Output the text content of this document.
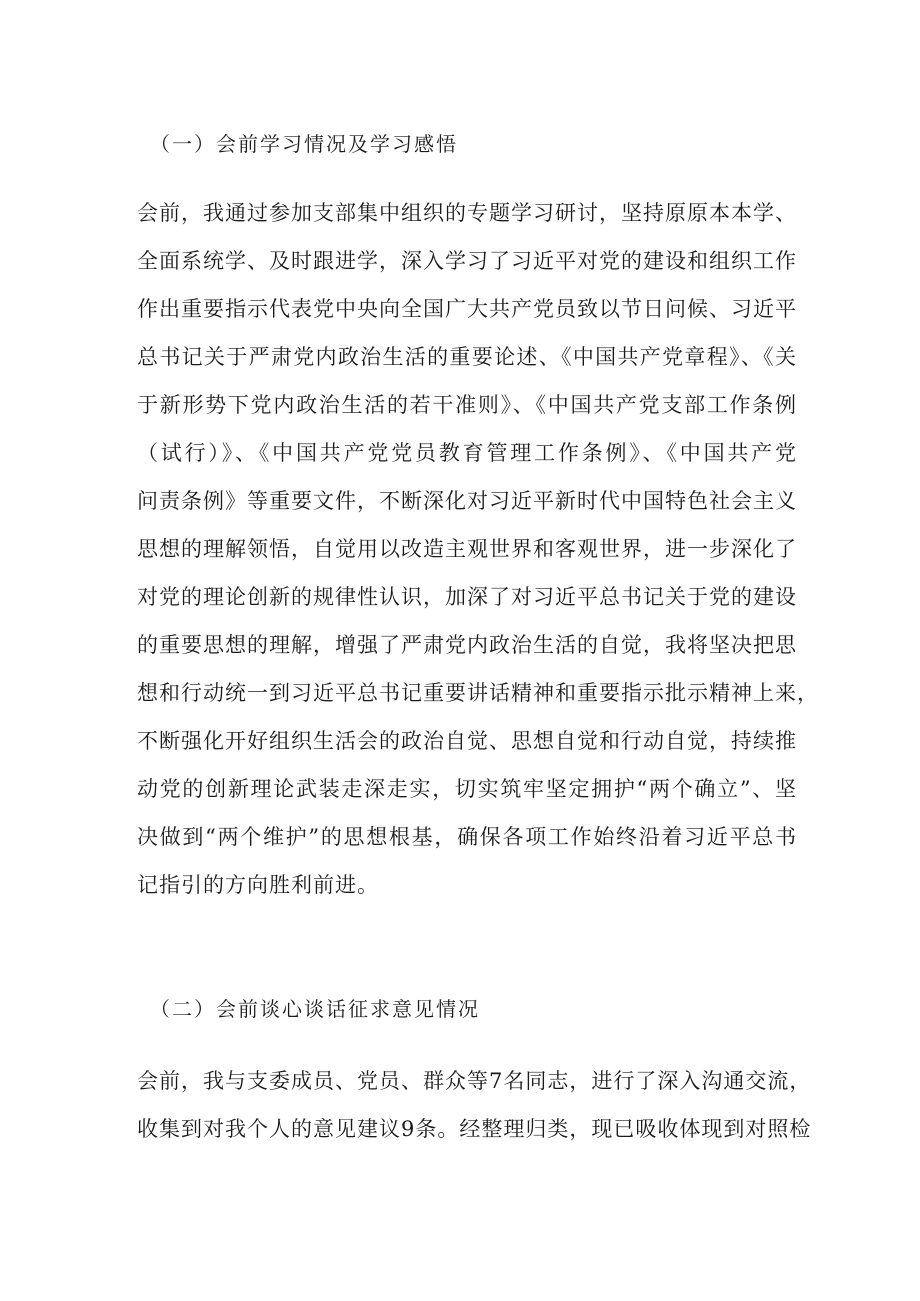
（一）会前学习情况及学习感悟
会前，我通过参加支部集中组织的专题学习研讨，坚持原原本本学、
全面系统学、及时跟进学，深入学习了习近平对党的建设和组织工作
作出重要指示代表党中央向全国广大共产党员致以节日问候、习近平
总书记关于严肃党内政治生活的重要论述、《中国共产党章程》、《关
于新形势下党内政治生活的若干准则》、《中国共产党支部工作条例
（试行）》、《中国共产党党员教育管理工作条例》、《中国共产党
问责条例》等重要文件，不断深化对习近平新时代中国特色社会主义
思想的理解领悟，自觉用以改造主观世界和客观世界，进一步深化了
对党的理论创新的规律性认识，加深了对习近平总书记关于党的建设
的重要思想的理解，增强了严肃党内政治生活的自觉，我将坚决把思
想和行动统一到习近平总书记重要讲话精神和重要指示批示精神上来，
不断强化开好组织生活会的政治自觉、思想自觉和行动自觉，持续推
动党的创新理论武装走深走实，切实筑牢坚定拥护“两个确立”、坚
决做到“两个维护”的思想根基，确保各项工作始终沿着习近平总书
记指引的方向胜利前进。
（二）会前谈心谈话征求意见情况
会前，我与支委成员、党员、群众等7名同志，进行了深入沟通交流，
收集到对我个人的意见建议9条。经整理归类，现已吸收体现到对照检
